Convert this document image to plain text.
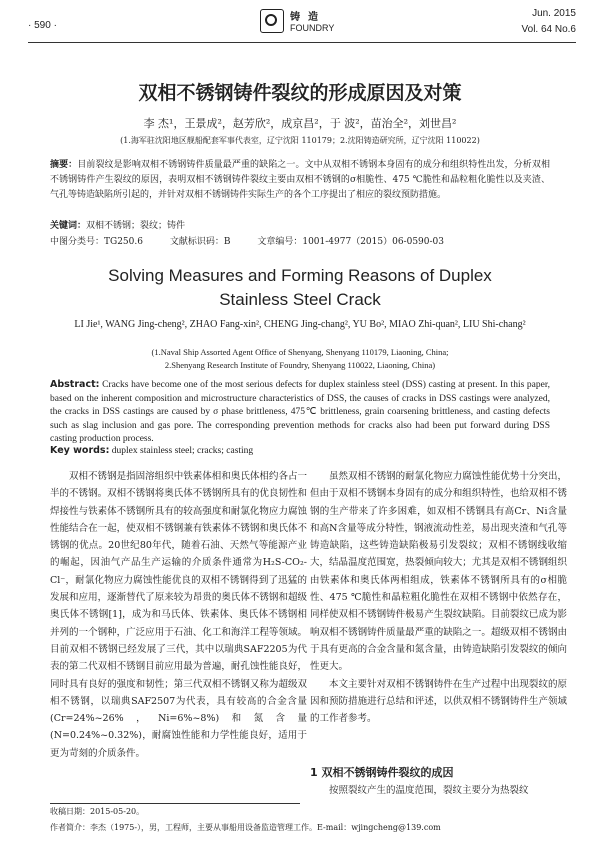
· 590 ·
铸造
FOUNDRY
Jun. 2015
Vol. 64 No.6
双相不锈钢铸件裂纹的形成原因及对策
李 杰¹，王景成²，赵芳欣²，成京昌²，于 波²，苗治全²，刘世昌²
(1.海军驻沈阳地区舰船配套军事代表室，辽宁沈阳 110179；2.沈阳铸造研究所，辽宁沈阳 110022)
摘要：目前裂纹是影响双相不锈钢铸件质量最严重的缺陷之一。文中从双相不锈钢本身固有的成分和组织特性出发，分析双相不锈钢铸件产生裂纹的原因，表明双相不锈钢铸件裂纹主要由双相不锈钢的σ相脆性、475 ℃脆性和晶粒粗化脆性以及夹渣、气孔等铸造缺陷所引起的，并针对双相不锈钢铸件实际生产的各个工序提出了相应的裂纹预防措施。
关键词：双相不锈钢；裂纹；铸件
中图分类号：TG250.6	文献标识码：B	文章编号：1001-4977（2015）06-0590-03
Solving Measures and Forming Reasons of Duplex
Stainless Steel Crack
LI Jie¹, WANG Jing-cheng², ZHAO Fang-xin², CHENG Jing-chang², YU Bo², MIAO Zhi-quan², LIU Shi-chang²
(1.Naval Ship Assorted Agent Office of Shenyang, Shenyang 110179, Liaoning, China;
2.Shenyang Research Institute of Foundry, Shenyang 110022, Liaoning, China)
Abstract: Cracks have become one of the most serious defects for duplex stainless steel (DSS) casting at present. In this paper, based on the inherent composition and microstructure characteristics of DSS, the causes of cracks in DSS castings were analyzed, the cracks in DSS castings are caused by σ phase brittleness, 475℃ brittleness, grain coarsening brittleness, and casting defects such as slag inclusion and gas pore. The corresponding prevention methods for cracks also had been put forward during DSS casting production process.
Key words: duplex stainless steel; cracks; casting

双相不锈钢是指固溶组织中铁素体相和奥氏体相约各占一半的不锈钢。双相不锈钢将奥氏体不锈钢所具有的优良韧性和焊接性与铁素体不锈钢所具有的较高强度和耐氯化物应力腐蚀性能结合在一起，使双相不锈钢兼有铁素体不锈钢和奥氏体不锈钢的优点。20世纪80年代，随着石油、天然气等能源产业的崛起，因油气产品生产运输的介质条件通常为H₂S-CO₂-Cl⁻，耐氯化物应力腐蚀性能优良的双相不锈钢得到了迅猛的发展和应用，逐渐替代了原来较为昂贵的奥氏体不锈钢和超级奥氏体不锈钢[1]，成为和马氏体、铁素体、奥氏体不锈钢相并列的一个钢种，广泛应用于石油、化工和海洋工程等领域。目前双相不锈钢已经发展了三代，其中以瑞典SAF2205为代表的第二代双相不锈钢目前应用最为普遍，耐孔蚀性能良好，同时具有良好的强度和韧性；第三代双相不锈钢又称为超级双相不锈钢，以瑞典SAF2507为代表，具有较高的合金含量(Cr=24%~26%，Ni=6%~8%)和氮含量(N=0.24%~0.32%)，耐腐蚀性能和力学性能良好，适用于更为苛刻的介质条件。

虽然双相不锈钢的耐氯化物应力腐蚀性能优势十分突出，但由于双相不锈钢本身固有的成分和组织特性，也给双相不锈钢的生产带来了许多困难，如双相不锈钢具有高Cr、Ni含量和高N含量等成分特性，钢液流动性差，易出现夹渣和气孔等铸造缺陷，这些铸造缺陷极易引发裂纹；双相不锈钢线收缩大，结晶温度范围宽，热裂倾向较大；尤其是双相不锈钢组织由铁素体和奥氏体两相组成，铁素体不锈钢所具有的σ相脆性、475 ℃脆性和晶粒粗化脆性在双相不锈钢中依然存在，同样使双相不锈钢铸件极易产生裂纹缺陷。目前裂纹已成为影响双相不锈钢铸件质量最严重的缺陷之一。超级双相不锈钢由于具有更高的合金含量和氮含量，由铸造缺陷引发裂纹的倾向性更大。

本文主要针对双相不锈钢铸件在生产过程中出现裂纹的原因和预防措施进行总结和评述，以供双相不锈钢铸件生产领域的工作者参考。

1 双相不锈钢铸件裂纹的成因
按照裂纹产生的温度范围，裂纹主要分为热裂纹
收稿日期：2015-05-20。
作者简介：李杰（1975-），男，工程师，主要从事船用设备监造管理工作。E-mail：wjingcheng@139.com
